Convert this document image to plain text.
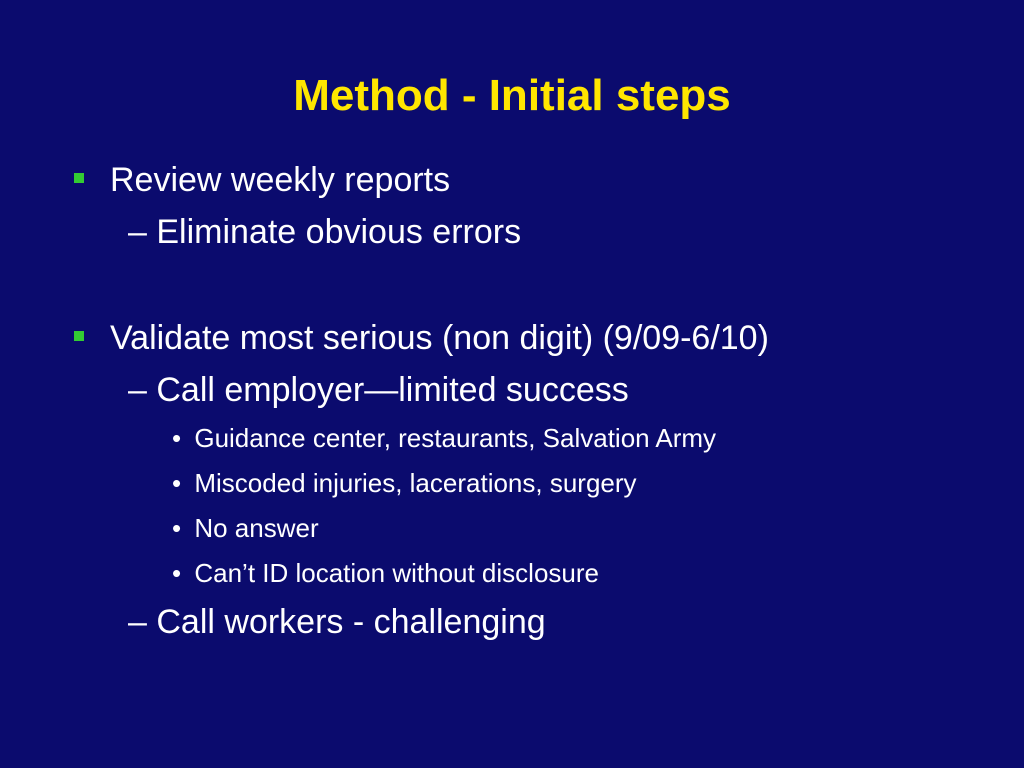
Method - Initial steps
Review weekly reports
– Eliminate obvious errors
Validate most serious (non digit) (9/09-6/10)
– Call employer—limited success
• Guidance center, restaurants, Salvation Army
• Miscoded injuries, lacerations, surgery
• No answer
• Can’t ID location without disclosure
– Call workers - challenging
